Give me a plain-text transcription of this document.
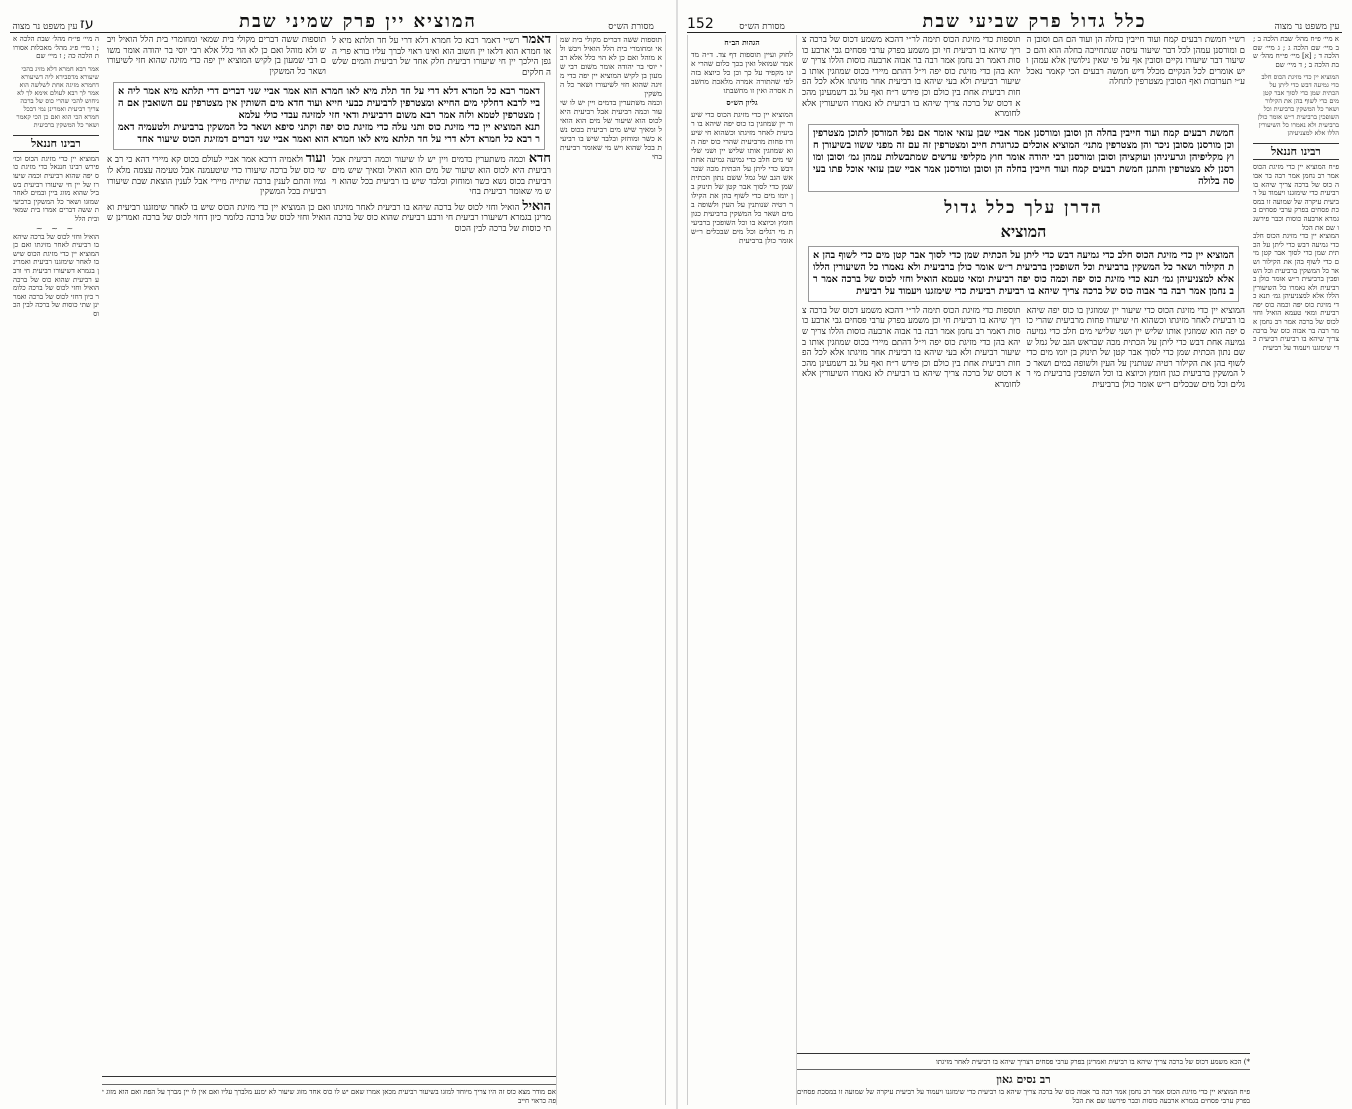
עין משפט נר מצוה
כלל גדול פרק שביעי שבת
מסורת הש״ס
152
א מיי׳ פ״ח מהל׳ שבת הלכה ב ; ב מיי׳ שם הלכה ג ; ג מיי׳ שם הלכה ד ; [א] מיי׳ פי״ח מהל׳ שבת הלכה ב ; ד מיי׳ שם
המוציא יין כדי מזיגת הכוס חלב כדי גמיעה דבש כדי ליתן על הכתית שמן כדי לסוך אבר קטן מים כדי לשוף בהן את הקילור ושאר כל המשקין ברביעית וכל השופכין ברביעית ר״ש אומר כולן ברביעית ולא נאמרו כל השיעורין הללו אלא למצניעיהן
רבינו חננאל
פ״ח המוציא יין כדי מזיגת הכוס אמר רב נחמן אמר רבה בר אבוה כוס של ברכה צריך שיהא בו רביעית כדי שימזגנו ויעמוד על רביעית עיקרה של שמועה זו במסכת פסחים בפרק ערבי פסחים בגמרא ארבעה כוסות וכבר פירשנו שם את הכל
המוציא יין כדי מזיגת הכוס חלב כדי גמיעה דבש כדי ליתן על הכתית שמן כדי לסוך אבר קטן מים כדי לשוף בהן את הקילור ושאר כל המשקין ברביעית וכל השופכין ברביעית ר״ש אומר כולן ברביעית ולא נאמרו כל השיעורין הללו אלא למצניעיהן גמ׳ תנא כדי מזיגת כוס יפה וכמה כוס יפה רביעית ומאי טעמא הואיל וחזי לכוס של ברכה אמר רב נחמן אמר רבה בר אבוה כוס של ברכה צריך שיהא בו רביעית רביעית כדי שימזגנו ויעמוד על רביעית
רש״י חמשת רבעים קמח ועוד חייבין בחלה הן ועוד הם הם וסובן הם ומורסנן עמהן לכל דבר שיעור עיסה שנתחייבה בחלה הוא והם כשיעור דבר שיעורו נקיים וסובין אף על פי שאין נילושין אלא עמהן ויש אומרים לכל הנקיים מכלל דיש חמשה רבעים הכי קאמר נאכל ע״י תערובות ואף הסובין מצטרפין לתחלה
תוספות כדי מזיגת הכוס תימה לר״י דהכא משמע דכוס של ברכה צריך שיהא בו רביעית חי וכן משמע בפרק ערבי פסחים גבי ארבע כוסות דאמר רב נחמן אמר רבה בר אבוה ארבעה כוסות הללו צריך שיהא בהן כדי מזיגת כוס יפה וי״ל דהתם מיירי בכוס שמוזגין אותו בשיעור רביעית ולא בעי שיהא בו רביעית אחר מזיגתו אלא לכל הפחות רביעית אחת בין כולם וכן פירש ר״ח ואף על גב דשמעינן מהכא דכוס של ברכה צריך שיהא בו רביעית לא נאמרו השיעורין אלא לחומרא
חמשת רבעים קמח ועוד חייבין בחלה הן וסובן ומורסנן אמר אביי שבן עזאי אומר אם נפל המורסן לתוכן מצטרפין וכן מורסנן מסובן ניכר והן מצטרפין מתני׳ המוציא אוכלים כגרוגרת חייב ומצטרפין זה עם זה מפני ששוו בשיעורן חוץ מקליפיהן וגרעיניהן ועוקציהן וסובן ומורסנן רבי יהודה אומר חוץ מקליפי עדשים שמתבשלות עמהן גמ׳ וסובן ומורסנן לא מצטרפין והתנן חמשת רבעים קמח ועוד חייבין בחלה הן וסובן ומורסנן אמר אביי שבן עזאי אוכל פתו בעיסה בלולה
הדרן עלך כלל גדול
המוציא
המוציא יין כדי מזיגת הכוס חלב כדי גמיעה דבש כדי ליתן על הכתית שמן כדי לסוך אבר קטן מים כדי לשוף בהן את הקילור ושאר כל המשקין ברביעית וכל השופכין ברביעית ר״ש אומר כולן ברביעית ולא נאמרו כל השיעורין הללו אלא למצניעיהן גמ׳ תנא כדי מזיגת כוס יפה וכמה כוס יפה רביעית ומאי טעמא הואיל וחזי לכוס של ברכה אמר רב נחמן אמר רבה בר אבוה כוס של ברכה צריך שיהא בו רביעית רביעית כדי שימזגנו ויעמוד על רביעית
המוציא יין כדי מזיגת הכוס כדי שיעור יין שמוזגין בו כוס יפה שיהא בו רביעית לאחר מזיגתו וכשהוא חי שיעורו פחות מרביעית שהרי כוס יפה הוא שמוזגין אותו שליש יין ושני שלישי מים חלב כדי גמיעה גמיעה אחת דבש כדי ליתן על הכתית מכה שבראש הגב של גמל ששם נתון הכתית שמן כדי לסוך אבר קטן של תינוק בן יומו מים כדי לשוף בהן את הקילור רטיה שנותנין על העין ולשופה במים ושאר כל המשקין ברביעית כגון חומץ וכיוצא בו וכל השופכין ברביעית מי רגלים וכל מים שבכלים ר״ש אומר כולן ברביעית
תוספות כדי מזיגת הכוס תימה לר״י דהכא משמע דכוס של ברכה צריך שיהא בו רביעית חי וכן משמע בפרק ערבי פסחים גבי ארבע כוסות דאמר רב נחמן אמר רבה בר אבוה ארבעה כוסות הללו צריך שיהא בהן כדי מזיגת כוס יפה וי״ל דהתם מיירי בכוס שמוזגין אותו בשיעור רביעית ולא בעי שיהא בו רביעית אחר מזיגתו אלא לכל הפחות רביעית אחת בין כולם וכן פירש ר״ח ואף על גב דשמעינן מהכא דכוס של ברכה צריך שיהא בו רביעית לא נאמרו השיעורין אלא לחומרא
*) הכא משמע דכוס של ברכה צריך שיהא בו רביעית ואמרינן בפרק ערבי פסחים דצריך שיהא בו רביעית לאחר מזיגתו
רב נסים גאון
פ״ח המוציא יין כדי מזיגת הכוס אמר רב נחמן אמר רבה בר אבוה כוס של ברכה צריך שיהא בו רביעית כדי שימזגנו ויעמוד על רביעית עיקרה של שמועה זו במסכת פסחים בפרק ערבי פסחים בגמרא ארבעה כוסות וכבר פירשנו שם את הכל
הגהות הב״ח
לחוק ועיין תוספות דף צד. ד״ה מדאמר שמואל ואין בכך כלום שהרי אינו מקפיד על כך וכן כל כיוצא בזה לפי שהתורה אמרה מלאכת מחשבת אסרה ואין זו מחשבתו
גליון הש״ס
המוציא יין כדי מזיגת הכוס כדי שיעור יין שמוזגין בו כוס יפה שיהא בו רביעית לאחר מזיגתו וכשהוא חי שיעורו פחות מרביעית שהרי כוס יפה הוא שמוזגין אותו שליש יין ושני שלישי מים חלב כדי גמיעה גמיעה אחת דבש כדי ליתן על הכתית מכה שבראש הגב של גמל ששם נתון הכתית שמן כדי לסוך אבר קטן של תינוק בן יומו מים כדי לשוף בהן את הקילור רטיה שנותנין על העין ולשופה במים ושאר כל המשקין ברביעית כגון חומץ וכיוצא בו וכל השופכין ברביעית מי רגלים וכל מים שבכלים ר״ש אומר כולן ברביעית
מסורת הש״ס
המוציא יין פרק שמיני שבת
עז
עין משפט נר מצוה
תוספות ששה דברים מקולי בית שמאי ומחומרי בית הלל הואיל ויבש ולא מוהל ואם כן לא הוי כלל אלא רבי יוסי בר יהודה אומר משום רבי שמעון בן לקיש המוציא יין יפה כדי מזיגה שהוא חזי לשיעורו ושאר כל המשקין
וכמה משתערין בדמים ויין יש לו שיעור וכמה רביעית אבל רביעית היא לכוס הוא שיעור של מים הוא הואיל ומאיך שיש מים רביעית בכוס נשא כשר ומוחזק ובלבד שיש בו רביעית בכל שהוא ויש מי שאומר רביעית בחי
דאמר רש״י דאמר רבא כל חמרא דלא דרי על חד תלתא מיא לאו חמרא הוא דלאו יין חשוב הוא ואינו ראוי לברך עליו בורא פרי הגפן הילכך יין חי שיעורו רביעית חלק אחד של רביעית והמים שלשה חלקים
תוספות ששה דברים מקולי בית שמאי ומחומרי בית הלל הואיל ויבש ולא מוהל ואם כן לא הוי כלל אלא רבי יוסי בר יהודה אומר משום רבי שמעון בן לקיש המוציא יין יפה כדי מזיגה שהוא חזי לשיעורו ושאר כל המשקין
דאמר רבא כל חמרא דלא דרי על חד תלת מיא לאו חמרא הוא אמר אביי שני דברים דרי תלתא מיא אמר ליה אביי לרבא דחלקי מים החייא ומצטרפין לרביעית כבעי חייא ועוד חדא מים השותין אין מצטרפין עם השואבין אם הן מצטרפין לטמא ולזה אמר רבא משום דרביעית ודאי חזי למזיגה עבדי כולי עלמא
תנא המוציא יין כדי מזיגת כוס ותני עלה כדי מזיגת כוס יפה וקתני סיפא ושאר כל המשקין ברביעית ולטעמיה דאמר רבא כל חמרא דלא דרי על חד תלתא מיא לאו חמרא הוא ואמר אביי שני דברים דמזיגת הכוס שיעור אחד
חדא וכמה משתערין בדמים ויין יש לו שיעור וכמה רביעית אבל רביעית היא לכוס הוא שיעור של מים הוא הואיל ומאיך שיש מים רביעית בכוס נשא כשר ומוחזק ובלבד שיש בו רביעית בכל שהוא ויש מי שאומר רביעית בחי
ועוד ולאמיה דרבא אמר אביי לעולם בכוס קא מיירי דהא כי רב אשי כוס של ברכה שיעורו כדי שיטעמנה אבל טעימה עצמה מלא לוגמיו והתם לענין ברכה שתייה מיירי אבל לענין הוצאת שבת שיעורו רביעית בכל המשקין
הואיל הואיל וחזי לכוס של ברכה שיהא בו רביעית לאחר מזיגתו ואם כן המוציא יין כדי מזיגת הכוס שיש בו לאחר שימזגנו רביעית ואמרינן בגמרא דשיעורו רביעית חי ורבע רביעית שהוא כוס של ברכה הואיל וחזי לכוס של ברכה כלומר כיון דחזי לכוס של ברכה ואמרינן שתי כוסות של ברכה לבין הכוס
אם מודר מצא כוס זה היו צריך מיוחד למזגו בשיעור רביעית מכאן אמרו שאם יש לו כוס אחד מזוג שיעור לא ימנע מלברך עליו ואם אין לו יין מברך על הפת ואם הוא מזוג יפה כראוי חייב
ה מיי׳ פי״ח מהל׳ שבת הלכה א ; ו מיי׳ פ״ג מהל׳ מאכלות אסורות הלכה כה ; ז מיי׳ שם
אמר רבא חמרא דלא מזיג בהכי שיעורא מדסבירא ליה דשיעורא דחמרא מזיגה אחת לשלשה הוא אמר לך רבא לעולם אימא לך לא ניחוש להכי שהרי כוס של ברכה צריך רביעית ואמרינן נמי דבכל חמרא הכי הוא ואם כן הכי קאמר ושאר כל המשקין ברביעית
רבינו חננאל
המוציא יין כדי מזיגת הכוס וכו׳ פירש רבינו חננאל כדי מזיגת כוס יפה שהוא רביעית וכמה שיעורו של יין חי שיעורו רביעית בשביל שהוא מזוג ביין ובמים לאחר שמזגו ושאר כל המשקין ברביעית ששה דברים אמרו בית שמאי ובית הלל
~ ~ ~
הואיל וחזי לכוס של ברכה שיהא בו רביעית לאחר מזיגתו ואם כן המוציא יין כדי מזיגת הכוס שיש בו לאחר שימזגנו רביעית ואמרינן בגמרא דשיעורו רביעית חי ורבע רביעית שהוא כוס של ברכה הואיל וחזי לכוס של ברכה כלומר כיון דחזי לכוס של ברכה ואמרינן שתי כוסות של ברכה לבין הכוס
